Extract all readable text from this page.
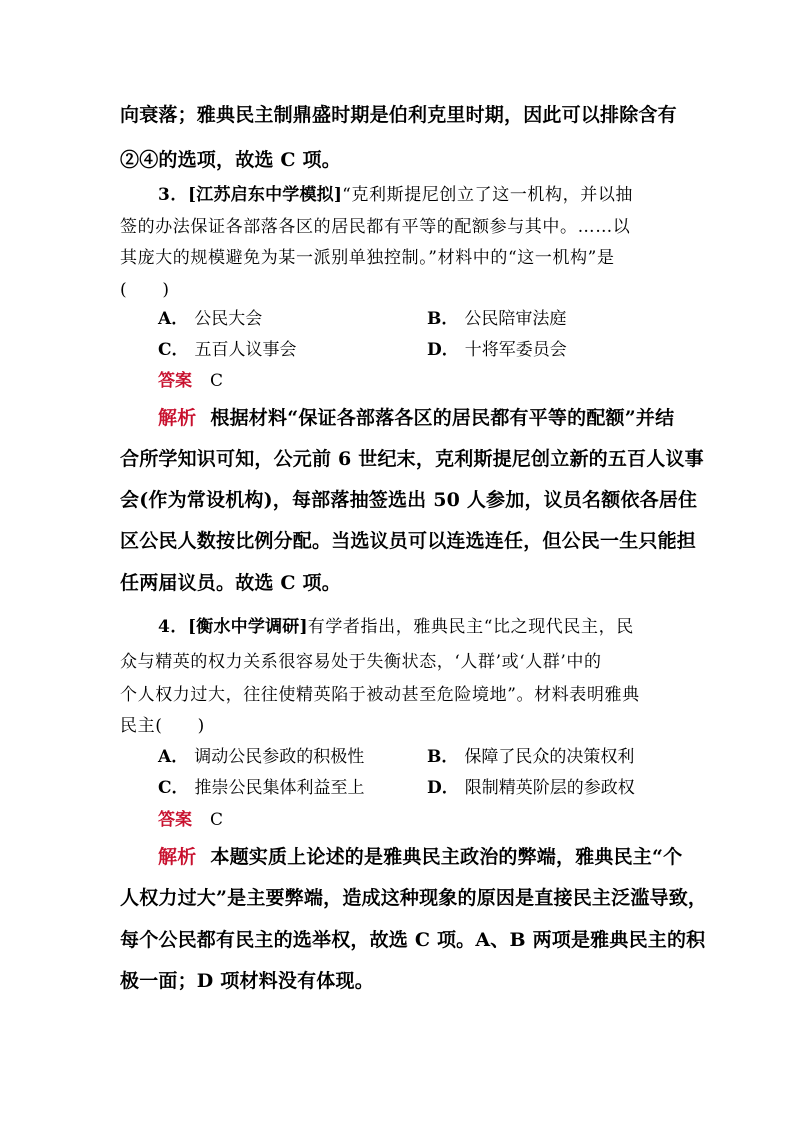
向衰落；雅典民主制鼎盛时期是伯利克里时期，因此可以排除含有
②④的选项，故选 C 项。
3．[江苏启东中学模拟]“克利斯提尼创立了这一机构，并以抽
签的办法保证各部落各区的居民都有平等的配额参与其中。……以
其庞大的规模避免为某一派别单独控制。”材料中的“这一机构”是
(　　)
A． 公民大会	B． 公民陪审法庭
C． 五百人议事会	D． 十将军委员会
答案 C
解析 根据材料“保证各部落各区的居民都有平等的配额”并结
合所学知识可知，公元前 6 世纪末，克利斯提尼创立新的五百人议事
会(作为常设机构)，每部落抽签选出 50 人参加，议员名额依各居住
区公民人数按比例分配。当选议员可以连选连任，但公民一生只能担
任两届议员。故选 C 项。
4．[衡水中学调研]有学者指出，雅典民主“比之现代民主，民
众与精英的权力关系很容易处于失衡状态，‘人群’或‘人群’中的
个人权力过大，往往使精英陷于被动甚至危险境地”。材料表明雅典
民主(　　)
A． 调动公民参政的积极性	B． 保障了民众的决策权利
C． 推崇公民集体利益至上	D． 限制精英阶层的参政权
答案 C
解析 本题实质上论述的是雅典民主政治的弊端，雅典民主“个
人权力过大”是主要弊端，造成这种现象的原因是直接民主泛滥导致，
每个公民都有民主的选举权，故选 C 项。A、B 两项是雅典民主的积
极一面；D 项材料没有体现。
